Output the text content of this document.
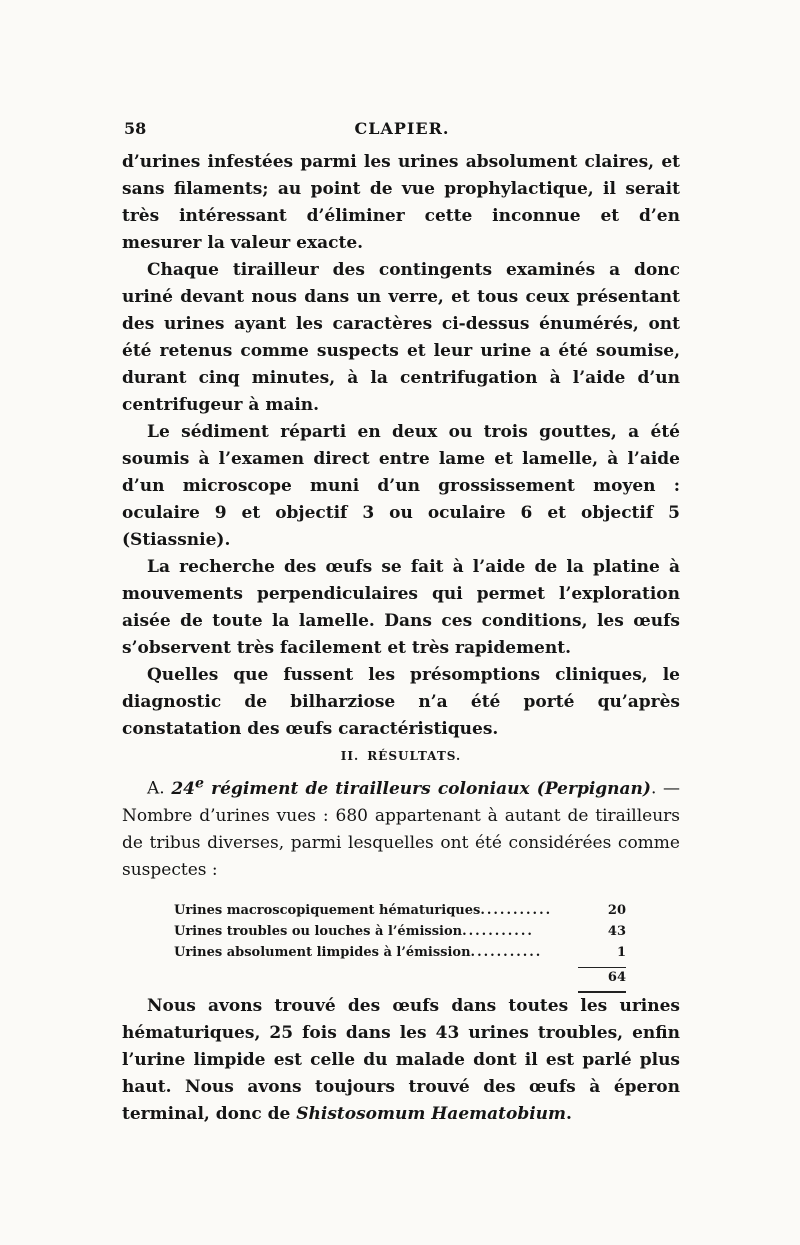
58	CLAPIER.

d’urines infestées parmi les urines absolument claires, et sans filaments; au point de vue prophylactique, il serait très intéressant d’éliminer cette inconnue et d’en mesurer la valeur exacte.

Chaque tirailleur des contingents examinés a donc uriné devant nous dans un verre, et tous ceux présentant des urines ayant les caractères ci-dessus énumérés, ont été retenus comme suspects et leur urine a été soumise, durant cinq minutes, à la centrifugation à l’aide d’un centrifugeur à main.

Le sédiment réparti en deux ou trois gouttes, a été soumis à l’examen direct entre lame et lamelle, à l’aide d’un microscope muni d’un grossissement moyen : oculaire 9 et objectif 3 ou oculaire 6 et objectif 5 (Stiassnie).

La recherche des œufs se fait à l’aide de la platine à mouvements perpendiculaires qui permet l’exploration aisée de toute la lamelle. Dans ces conditions, les œufs s’observent très facilement et très rapidement.

Quelles que fussent les présomptions cliniques, le diagnostic de bilharziose n’a été porté qu’après constatation des œufs caractéristiques.

II. RÉSULTATS.

A. 24e régiment de tirailleurs coloniaux (Perpignan). — Nombre d’urines vues : 680 appartenant à autant de tirailleurs de tribus diverses, parmi lesquelles ont été considérées comme suspectes :

Urines macroscopiquement hématuriques ...........	20
Urines troubles ou louches à l’émission ...........	43
Urines absolument limpides à l’émission ...........	1
64

Nous avons trouvé des œufs dans toutes les urines hématuriques, 25 fois dans les 43 urines troubles, enfin l’urine limpide est celle du malade dont il est parlé plus haut. Nous avons toujours trouvé des œufs à éperon terminal, donc de Shistosomum Haematobium.
